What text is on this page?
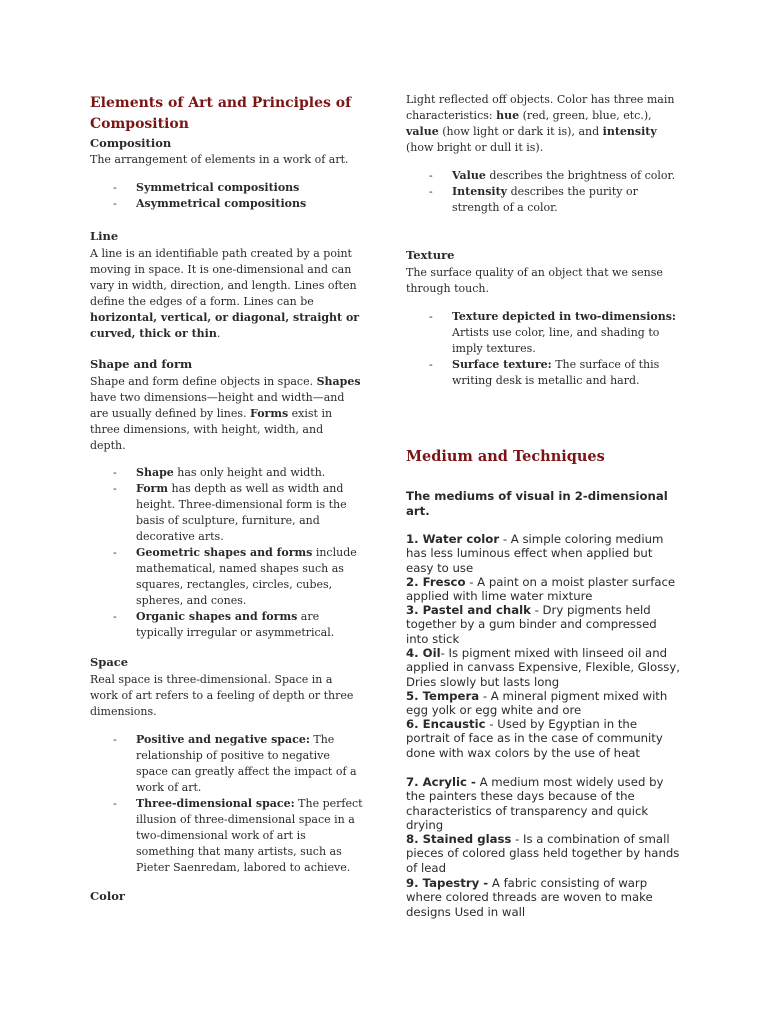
Elements of Art and Principles of Composition
Composition
The arrangement of elements in a work of art.
- Symmetrical compositions
- Asymmetrical compositions
Line
A line is an identifiable path created by a point moving in space. It is one-dimensional and can vary in width, direction, and length. Lines often define the edges of a form. Lines can be horizontal, vertical, or diagonal, straight or curved, thick or thin.
Shape and form
Shape and form define objects in space. Shapes have two dimensions—height and width—and are usually defined by lines. Forms exist in three dimensions, with height, width, and depth.
- Shape has only height and width.
- Form has depth as well as width and height. Three-dimensional form is the basis of sculpture, furniture, and decorative arts.
- Geometric shapes and forms include mathematical, named shapes such as squares, rectangles, circles, cubes, spheres, and cones.
- Organic shapes and forms are typically irregular or asymmetrical.
Space
Real space is three-dimensional. Space in a work of art refers to a feeling of depth or three dimensions.
- Positive and negative space: The relationship of positive to negative space can greatly affect the impact of a work of art.
- Three-dimensional space: The perfect illusion of three-dimensional space in a two-dimensional work of art is something that many artists, such as Pieter Saenredam, labored to achieve.
Color
Light reflected off objects. Color has three main characteristics: hue (red, green, blue, etc.), value (how light or dark it is), and intensity (how bright or dull it is).
- Value describes the brightness of color.
- Intensity describes the purity or strength of a color.
Texture
The surface quality of an object that we sense through touch.
- Texture depicted in two-dimensions: Artists use color, line, and shading to imply textures.
- Surface texture: The surface of this writing desk is metallic and hard.
Medium and Techniques
The mediums of visual in 2-dimensional art.
1. Water color - A simple coloring medium has less luminous effect when applied but easy to use
2. Fresco - A paint on a moist plaster surface applied with lime water mixture
3. Pastel and chalk - Dry pigments held together by a gum binder and compressed into stick
4. Oil- Is pigment mixed with linseed oil and applied in canvass Expensive, Flexible, Glossy, Dries slowly but lasts long
5. Tempera - A mineral pigment mixed with egg yolk or egg white and ore
6. Encaustic - Used by Egyptian in the portrait of face as in the case of community done with wax colors by the use of heat
7. Acrylic - A medium most widely used by the painters these days because of the characteristics of transparency and quick drying
8. Stained glass - Is a combination of small pieces of colored glass held together by hands of lead
9. Tapestry - A fabric consisting of warp where colored threads are woven to make designs Used in wall
